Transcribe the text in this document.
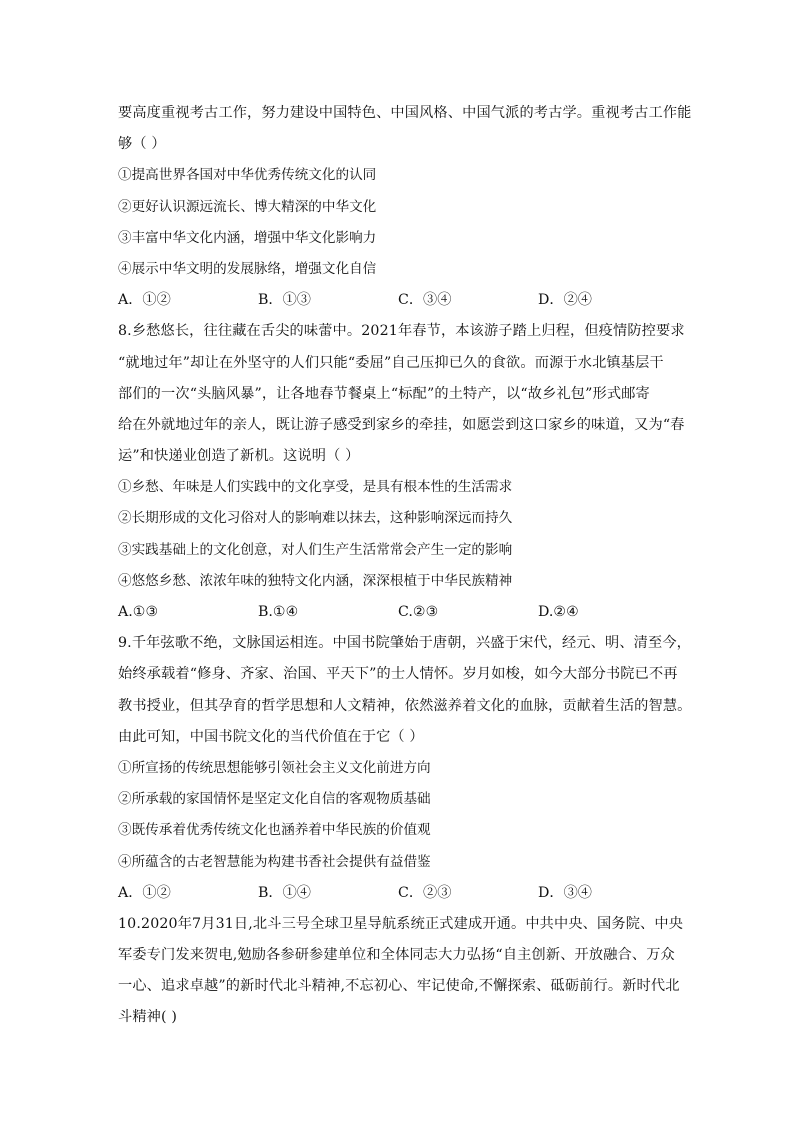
要高度重视考古工作，努力建设中国特色、中国风格、中国气派的考古学。重视考古工作能
够（ ）
①提高世界各国对中华优秀传统文化的认同
②更好认识源远流长、博大精深的中华文化
③丰富中华文化内涵，增强中华文化影响力
④展示中华文明的发展脉络，增强文化自信
A．①②	B．①③	C．③④	D．②④
8.乡愁悠长，往往藏在舌尖的味蕾中。2021年春节，本该游子踏上归程，但疫情防控要求
“就地过年”却让在外坚守的人们只能“委屈”自己压抑已久的食欲。而源于水北镇基层干
部们的一次“头脑风暴”，让各地春节餐桌上“标配”的土特产，以“故乡礼包”形式邮寄
给在外就地过年的亲人，既让游子感受到家乡的牵挂，如愿尝到这口家乡的味道，又为“春
运”和快递业创造了新机。这说明（ ）
①乡愁、年味是人们实践中的文化享受，是具有根本性的生活需求
②长期形成的文化习俗对人的影响难以抹去，这种影响深远而持久
③实践基础上的文化创意，对人们生产生活常常会产生一定的影响
④悠悠乡愁、浓浓年味的独特文化内涵，深深根植于中华民族精神
A.①③	B.①④	C.②③	D.②④
9.千年弦歌不绝，文脉国运相连。中国书院肇始于唐朝，兴盛于宋代，经元、明、清至今，
始终承载着“修身、齐家、治国、平天下”的士人情怀。岁月如梭，如今大部分书院已不再
教书授业，但其孕育的哲学思想和人文精神，依然滋养着文化的血脉，贡献着生活的智慧。
由此可知，中国书院文化的当代价值在于它（ ）
①所宣扬的传统思想能够引领社会主义文化前进方向
②所承载的家国情怀是坚定文化自信的客观物质基础
③既传承着优秀传统文化也涵养着中华民族的价值观
④所蕴含的古老智慧能为构建书香社会提供有益借鉴
A．①②	B．①④	C．②③	D．③④
10.2020年7月31日,北斗三号全球卫星导航系统正式建成开通。中共中央、国务院、中央
军委专门发来贺电,勉励各参研参建单位和全体同志大力弘扬“自主创新、开放融合、万众
一心、追求卓越”的新时代北斗精神,不忘初心、牢记使命,不懈探索、砥砺前行。新时代北
斗精神( )
